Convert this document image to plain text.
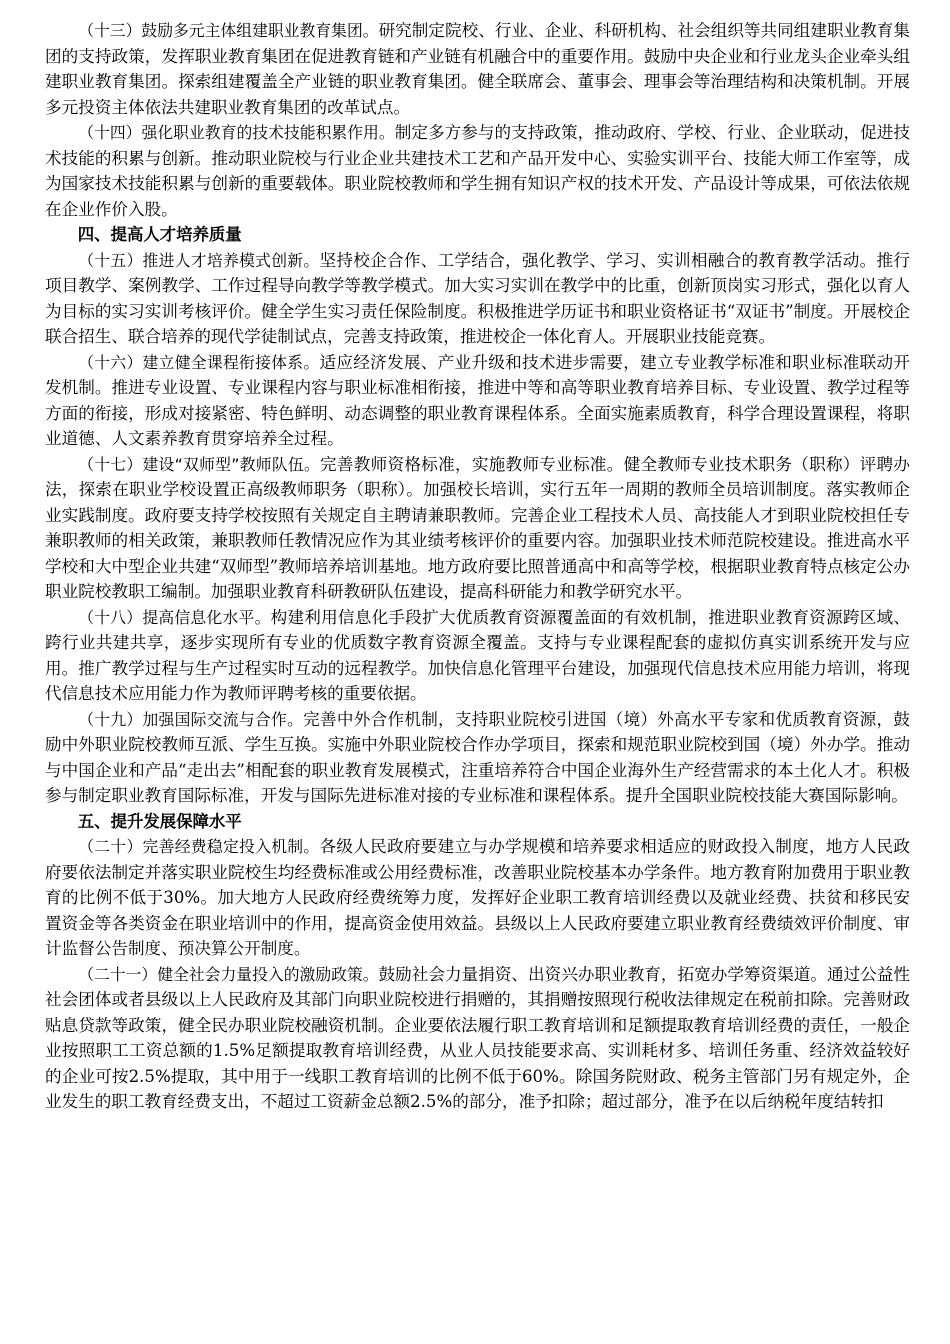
（十三）鼓励多元主体组建职业教育集团。研究制定院校、行业、企业、科研机构、社会组织等共同组建职业教育集团的支持政策，发挥职业教育集团在促进教育链和产业链有机融合中的重要作用。鼓励中央企业和行业龙头企业牵头组建职业教育集团。探索组建覆盖全产业链的职业教育集团。健全联席会、董事会、理事会等治理结构和决策机制。开展多元投资主体依法共建职业教育集团的改革试点。

（十四）强化职业教育的技术技能积累作用。制定多方参与的支持政策，推动政府、学校、行业、企业联动，促进技术技能的积累与创新。推动职业院校与行业企业共建技术工艺和产品开发中心、实验实训平台、技能大师工作室等，成为国家技术技能积累与创新的重要载体。职业院校教师和学生拥有知识产权的技术开发、产品设计等成果，可依法依规在企业作价入股。

四、提高人才培养质量

（十五）推进人才培养模式创新。坚持校企合作、工学结合，强化教学、学习、实训相融合的教育教学活动。推行项目教学、案例教学、工作过程导向教学等教学模式。加大实习实训在教学中的比重，创新顶岗实习形式，强化以育人为目标的实习实训考核评价。健全学生实习责任保险制度。积极推进学历证书和职业资格证书“双证书”制度。开展校企联合招生、联合培养的现代学徒制试点，完善支持政策，推进校企一体化育人。开展职业技能竞赛。

（十六）建立健全课程衔接体系。适应经济发展、产业升级和技术进步需要，建立专业教学标准和职业标准联动开发机制。推进专业设置、专业课程内容与职业标准相衔接，推进中等和高等职业教育培养目标、专业设置、教学过程等方面的衔接，形成对接紧密、特色鲜明、动态调整的职业教育课程体系。全面实施素质教育，科学合理设置课程，将职业道德、人文素养教育贯穿培养全过程。

（十七）建设“双师型”教师队伍。完善教师资格标准，实施教师专业标准。健全教师专业技术职务（职称）评聘办法，探索在职业学校设置正高级教师职务（职称）。加强校长培训，实行五年一周期的教师全员培训制度。落实教师企业实践制度。政府要支持学校按照有关规定自主聘请兼职教师。完善企业工程技术人员、高技能人才到职业院校担任专兼职教师的相关政策，兼职教师任教情况应作为其业绩考核评价的重要内容。加强职业技术师范院校建设。推进高水平学校和大中型企业共建“双师型”教师培养培训基地。地方政府要比照普通高中和高等学校，根据职业教育特点核定公办职业院校教职工编制。加强职业教育科研教研队伍建设，提高科研能力和教学研究水平。

（十八）提高信息化水平。构建利用信息化手段扩大优质教育资源覆盖面的有效机制，推进职业教育资源跨区域、跨行业共建共享，逐步实现所有专业的优质数字教育资源全覆盖。支持与专业课程配套的虚拟仿真实训系统开发与应用。推广教学过程与生产过程实时互动的远程教学。加快信息化管理平台建设，加强现代信息技术应用能力培训，将现代信息技术应用能力作为教师评聘考核的重要依据。

（十九）加强国际交流与合作。完善中外合作机制，支持职业院校引进国（境）外高水平专家和优质教育资源，鼓励中外职业院校教师互派、学生互换。实施中外职业院校合作办学项目，探索和规范职业院校到国（境）外办学。推动与中国企业和产品“走出去”相配套的职业教育发展模式，注重培养符合中国企业海外生产经营需求的本土化人才。积极参与制定职业教育国际标准，开发与国际先进标准对接的专业标准和课程体系。提升全国职业院校技能大赛国际影响。

五、提升发展保障水平

（二十）完善经费稳定投入机制。各级人民政府要建立与办学规模和培养要求相适应的财政投入制度，地方人民政府要依法制定并落实职业院校生均经费标准或公用经费标准，改善职业院校基本办学条件。地方教育附加费用于职业教育的比例不低于30%。加大地方人民政府经费统筹力度，发挥好企业职工教育培训经费以及就业经费、扶贫和移民安置资金等各类资金在职业培训中的作用，提高资金使用效益。县级以上人民政府要建立职业教育经费绩效评价制度、审计监督公告制度、预决算公开制度。

（二十一）健全社会力量投入的激励政策。鼓励社会力量捐资、出资兴办职业教育，拓宽办学筹资渠道。通过公益性社会团体或者县级以上人民政府及其部门向职业院校进行捐赠的，其捐赠按照现行税收法律规定在税前扣除。完善财政贴息贷款等政策，健全民办职业院校融资机制。企业要依法履行职工教育培训和足额提取教育培训经费的责任，一般企业按照职工工资总额的1.5%足额提取教育培训经费，从业人员技能要求高、实训耗材多、培训任务重、经济效益较好的企业可按2.5%提取，其中用于一线职工教育培训的比例不低于60%。除国务院财政、税务主管部门另有规定外，企业发生的职工教育经费支出，不超过工资薪金总额2.5%的部分，准予扣除；超过部分，准予在以后纳税年度结转扣
